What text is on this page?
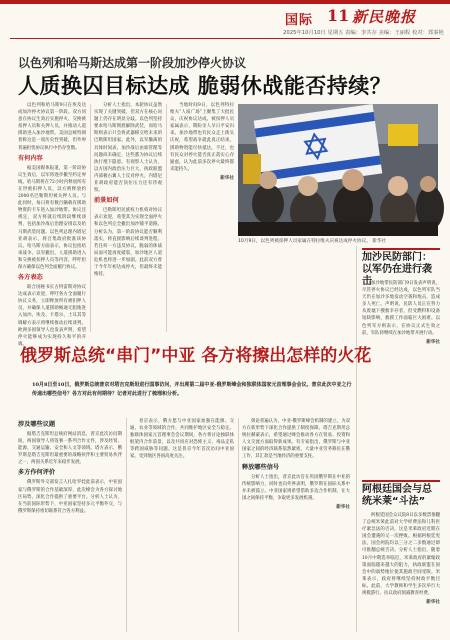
国际 11 新民晚报
2025年10月10日 星期五 责编：李共存 美编：王丽程 校对：郑秦艳
以色列和哈马斯达成第一阶段加沙停火协议
人质换囚目标达成 脆弱休战能否持续？

以色列和哈马斯9日在埃及达成加沙停火协议第一阶段。双方同意在协议生效后实施停火、交换被扣押人员和关押人员，并推动人道援助进入加沙地带。美国总统特朗普称这是一项历史性突破，但外界普遍担忧协议执行中仍存变数。

有何内容

据美国媒体报道，第一阶段协议生效后，以军将逐步撤至约定界线，哈马斯将在72小时内释放所有在世被扣押人员，以方则释放约2000名巴勒斯坦被关押人员。与此同时，每日将有数百辆载有援助物资的卡车进入加沙地带。协议还规定，双方将就后续阶段继续谈判，包括加沙战后治理安排以及哈马斯武装问题。以色列总理内塔尼亚胡表示，将召集政府批准该协议。哈马斯方面表示，协议包括结束战争、以军撤出、人道援助进入和交换被扣押人员等内容，呼吁担保方确保以色列全面履行协议。

各方表态

联合国秘书长古特雷斯对协议达成表示欢迎，呼吁各方全面履行协议义务，立即释放所有被扣押人员，并确保人道援助畅通无阻地进入加沙。埃及、卡塔尔、土耳其等调解方表示将继续推动后续谈判。欧洲多国领导人也发表声明，希望停火能够成为实现持久和平的开端。

分析人士指出，本轮协议虽然实现了关键突破，但双方在核心问题上仍存在明显分歧。以色列坚持要求哈马斯彻底解除武装，而哈马斯则表示只会将武器移交给未来的巴勒斯坦国家。此外，以军撤离的具体时间表、加沙战后由谁管理等问题尚未确定，这些都为协议后续执行埋下隐患。有观察人士认为，以方国内政治压力巨大，执政联盟内部极右翼人士反对停火，内塔尼亚胡政府能否顶住压力还有待观察。

前景如何

巴勒斯坦民族权力机构对协议表示欢迎，希望其为实现全面停火和以色列完全撤出加沙铺平道路。分析认为，第一阶段协议能否顺利落实，将直接影响后续谈判进程。若任何一方违反协议，脆弱的休战局面可能再度破裂，加沙地区人道危机也将进一步加剧。此前双方曾于今年年初达成停火，但最终未能维持。

当地时间9日，以色列特拉维夫“人质广场”上聚集了大批民众，庆祝协议达成。被扣押人员家属表示，期盼亲人早日平安归来。加沙地带也有民众走上街头庆祝，希望战争就此真正结束，援助物资能尽快抵达。不过，也有民众对停火能否真正落实心存疑虑，认为此前多次停火最终都未能持久。

新华社
10月9日，以色列被扣押人员家属在特拉维夫庆祝达成停火协议。 新华社
加沙民防部门：以军仍在进行袭击 加沙地带民防部门9日发表声明说，尽管停火协议已经达成，以色列军队当天仍在加沙多地发动空袭和炮击，造成多人死亡。声明说，民防人员正在努力从废墟下搜救幸存者，但受燃料和设备短缺影响，救援工作面临巨大困难。以色列军方则表示，在协议正式生效之前，军队将继续在加沙地带开展行动。

新华社
俄罗斯总统“串门”中亚 各方将擦出怎样的火花
10月8日至10日，俄罗斯总统普京对塔吉克斯坦进行国事访问，并出席第二届中亚-俄罗斯峰会和独联体国家元首理事会会议。普京此次中亚之行传递出哪些信号？各方对此有何期待？记者对此进行了梳理和分析。
涉及哪些议题

据塔吉克斯坦总统府网站消息，普京此次访问期间，两国领导人将签署一系列合作文件，涉及经贸、能源、交通运输、安全和人文等领域。塔方表示，俄罗斯是塔吉克斯坦最重要的战略伙伴和主要贸易伙伴之一，两国关系近年来稳步发展。

多方作何评价

俄罗斯外交部发言人扎哈罗娃此前表示，中亚国家与俄罗斯的合作基础深厚，此次峰会为各方探讨地区局势、深化合作提供了重要平台。分析人士认为，在当前国际形势下，中亚国家坚持多元平衡外交，与俄罗斯保持密切联系符合各方利益。

普京表示，俄方愿与中亚国家加强在能源、交通、农业等领域的合作，共同维护地区安全与稳定。独联体国家元首理事会会议期间，各方将讨论独联体框架内合作前景，以及共同应对恐怖主义、毒品走私等跨国威胁等问题。这是普京今年首次访问中亚国家，受到地区各国高度关注。

舆论普遍认为，中亚-俄罗斯峰会机制的建立，为双方在新形势下深化合作提供了制度保障。塔吉克斯坦总统拉赫蒙表示，希望通过峰会推动各方在贸易、投资和人文交流方面取得新成果。有专家指出，俄罗斯与中亚国家之间的经济联系依然紧密，大量中亚劳务移民在俄工作，其汇款是当地经济的重要支柱。

释放哪些信号

分析人士指出，普京此访旨在巩固俄罗斯在中亚的传统影响力，同时也向外界表明，俄罗斯在国际关系中并未被孤立。中亚国家则希望借助多边合作机制，在大国之间保持平衡，争取更多发展机遇。

新华社
阿根廷国会与总统米莱“斗法”

阿根廷国会众议院8日以多数票推翻了总统米莱此前对大学经费法和儿科医疗紧急法的否决。这是米莱政府近期在国会遭遇的又一次挫败。根据阿根廷宪法，国会两院均以三分之二多数通过即可推翻总统否决。分析人士指出，随着10月中期选举临近，米莱政府的紧缩政策面临越来越大的阻力，执政联盟在国会中的弱势地位使其施政空间受限。米莱表示，政府将继续坚持财政平衡目标。此前，大学教师和学生多次举行大规模游行，抗议政府削减教育经费。

新华社
